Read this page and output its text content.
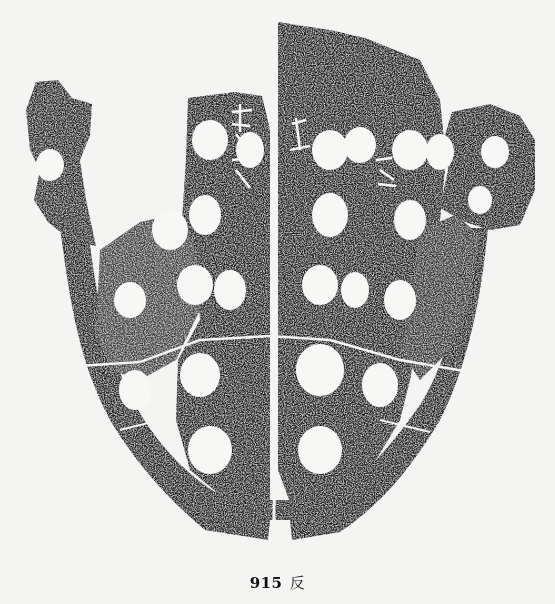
915 反
